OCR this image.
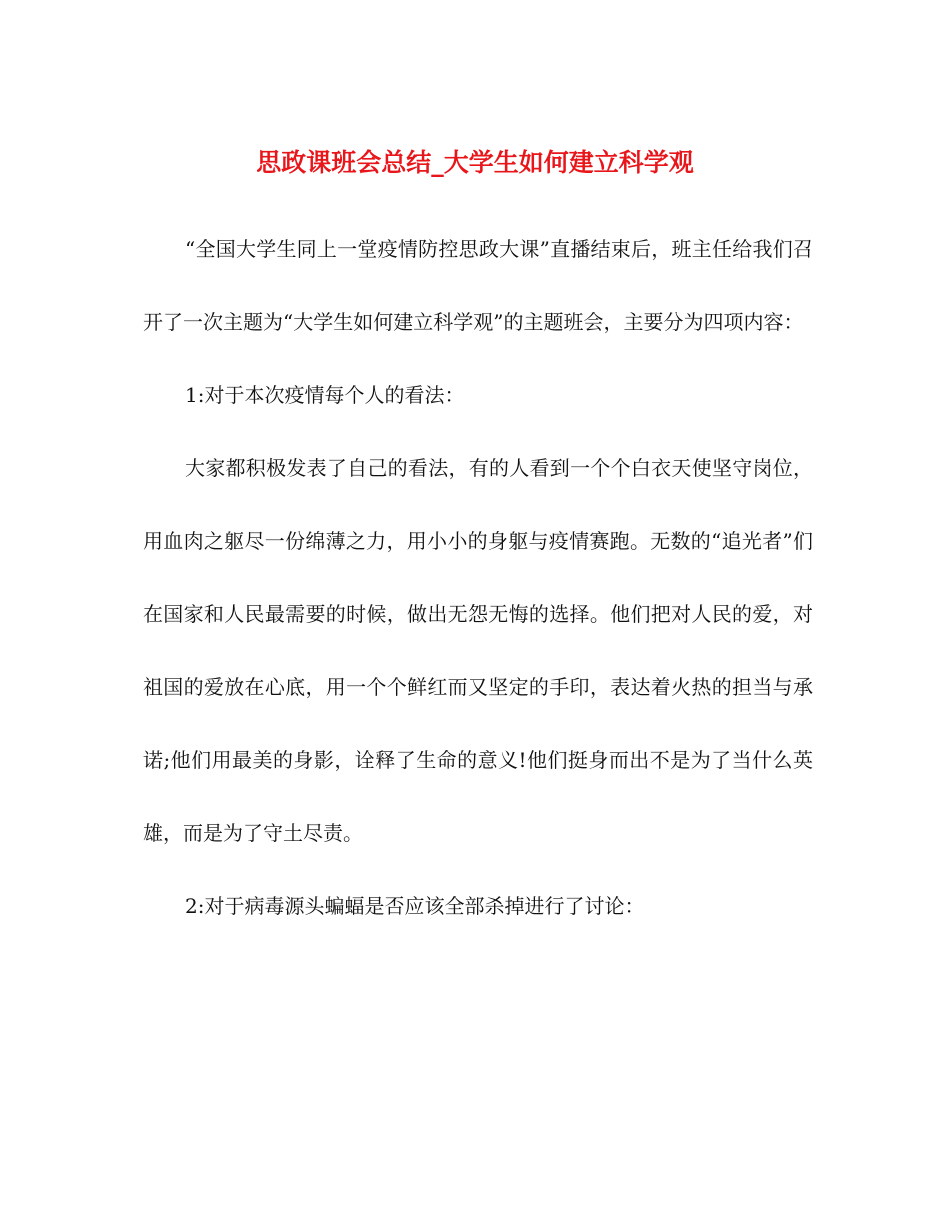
思政课班会总结_大学生如何建立科学观

“全国大学生同上一堂疫情防控思政大课”直播结束后，班主任给我们召开了一次主题为“大学生如何建立科学观”的主题班会，主要分为四项内容：

1:对于本次疫情每个人的看法：

大家都积极发表了自己的看法，有的人看到一个个白衣天使坚守岗位，用血肉之躯尽一份绵薄之力，用小小的身躯与疫情赛跑。无数的“追光者”们在国家和人民最需要的时候，做出无怨无悔的选择。他们把对人民的爱，对祖国的爱放在心底，用一个个鲜红而又坚定的手印，表达着火热的担当与承诺;他们用最美的身影，诠释了生命的意义!他们挺身而出不是为了当什么英雄，而是为了守土尽责。

2:对于病毒源头蝙蝠是否应该全部杀掉进行了讨论：
